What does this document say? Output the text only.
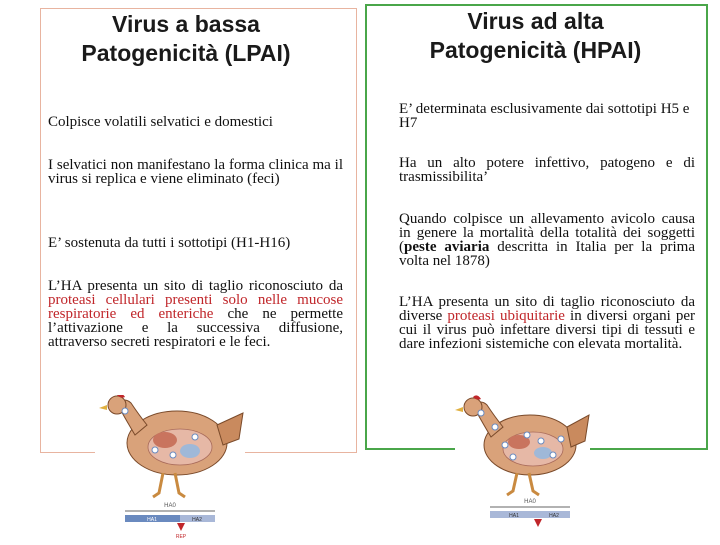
Virus a bassa
Patogenicità (LPAI)

Colpisce volatili selvatici e domestici

I selvatici non manifestano la forma clinica ma il virus si replica e viene eliminato (feci)

E’ sostenuta da tutti i sottotipi (H1-H16)

L’HA presenta un sito di taglio riconosciuto da proteasi cellulari presenti solo nelle mucose respiratorie ed enteriche che ne permette l’attivazione e la successiva diffusione, attraverso secreti respiratori e le feci.

HA0
HA1	HA2
REP
Virus ad alta
Patogenicità (HPAI)

E’ determinata esclusivamente dai sottotipi H5 e H7

Ha un alto potere infettivo, patogeno e di trasmissibilita’

Quando colpisce un allevamento avicolo causa in genere la mortalità della totalità dei soggetti (peste aviaria descritta in Italia per la prima volta nel 1878)

L’HA presenta un sito di taglio riconosciuto da diverse proteasi ubiquitarie in diversi organi per cui il virus può infettare diversi tipi di tessuti e dare infezioni sistemiche con elevata mortalità.

HA0
HA1	HA2
